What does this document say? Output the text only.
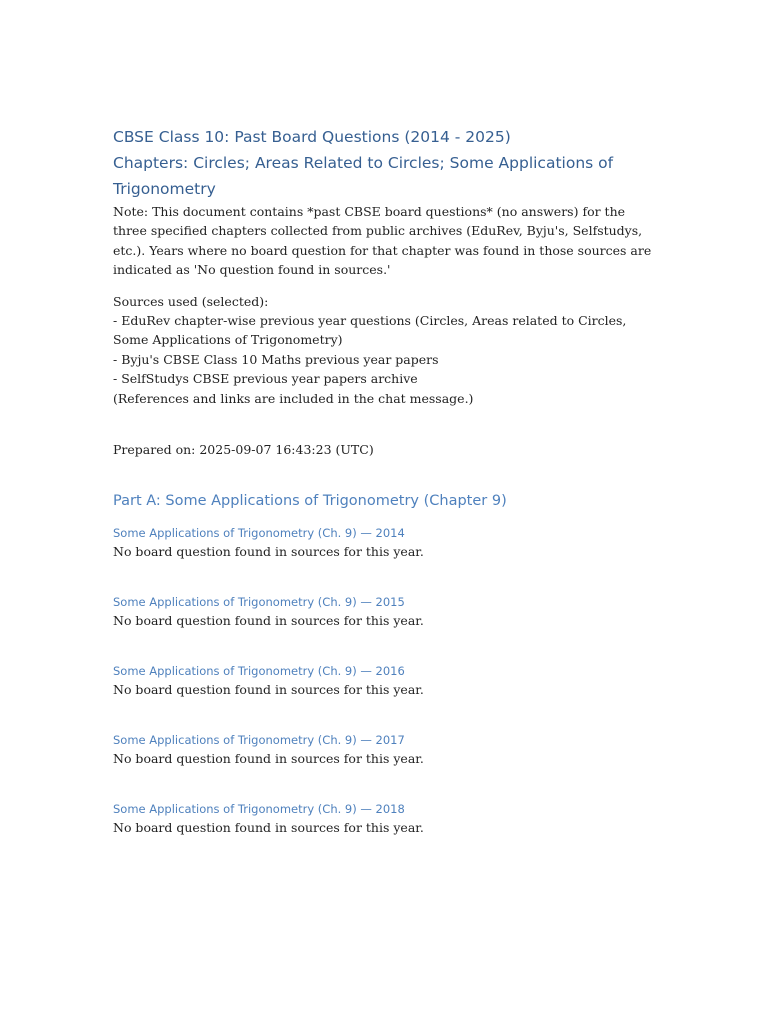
CBSE Class 10: Past Board Questions (2014 - 2025)
Chapters: Circles; Areas Related to Circles; Some Applications of Trigonometry

Note: This document contains *past CBSE board questions* (no answers) for the three specified chapters collected from public archives (EduRev, Byju's, Selfstudys, etc.). Years where no board question for that chapter was found in those sources are indicated as 'No question found in sources.'

Sources used (selected):

- EduRev chapter-wise previous year questions (Circles, Areas related to Circles, Some Applications of Trigonometry)

- Byju's CBSE Class 10 Maths previous year papers

- SelfStudys CBSE previous year papers archive

(References and links are included in the chat message.)

Prepared on: 2025-09-07 16:43:23 (UTC)

Part A: Some Applications of Trigonometry (Chapter 9)
Some Applications of Trigonometry (Ch. 9) — 2014

No board question found in sources for this year.

Some Applications of Trigonometry (Ch. 9) — 2015

No board question found in sources for this year.

Some Applications of Trigonometry (Ch. 9) — 2016

No board question found in sources for this year.

Some Applications of Trigonometry (Ch. 9) — 2017

No board question found in sources for this year.

Some Applications of Trigonometry (Ch. 9) — 2018

No board question found in sources for this year.
